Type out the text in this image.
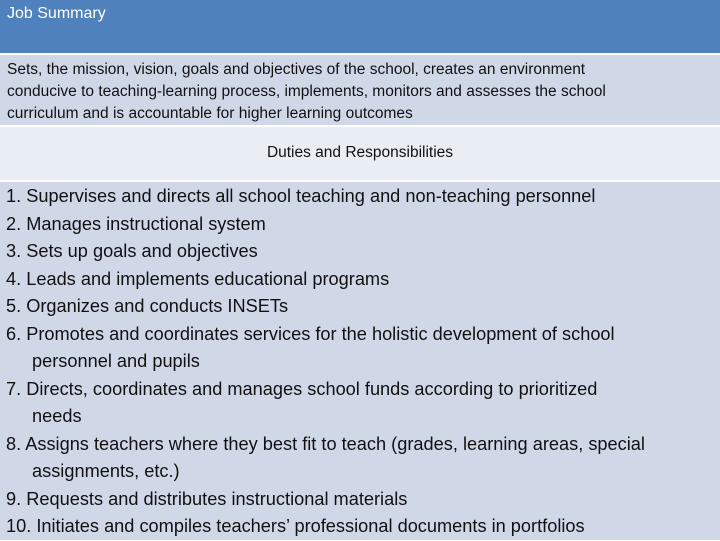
Job Summary

Sets, the mission, vision, goals and objectives of the school, creates an environment
conducive to teaching-learning process, implements, monitors and assesses the school
curriculum and is accountable for higher learning outcomes

Duties and Responsibilities
1. Supervises and directs all school teaching and non-teaching personnel
2. Manages instructional system
3. Sets up goals and objectives
4. Leads and implements educational programs
5. Organizes and conducts INSETs
6. Promotes and coordinates services for the holistic development of school
personnel and pupils
7. Directs, coordinates and manages school funds according to prioritized
needs
8. Assigns teachers where they best fit to teach (grades, learning areas, special
assignments, etc.)
9. Requests and distributes instructional materials
10. Initiates and compiles teachers’ professional documents in portfolios
